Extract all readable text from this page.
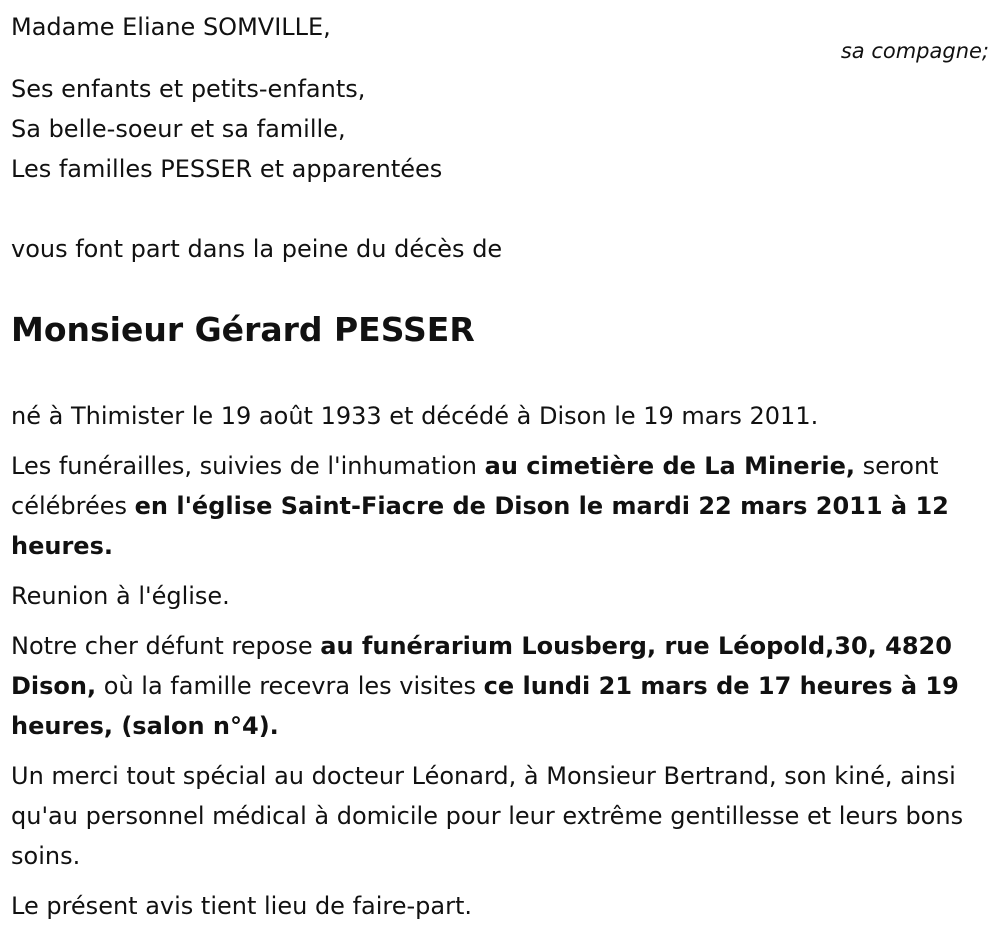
Madame Eliane SOMVILLE,

sa compagne;

Ses enfants et petits-enfants,

Sa belle-soeur et sa famille,

Les familles PESSER et apparentées

vous font part dans la peine du décès de

Monsieur Gérard PESSER

né à Thimister le 19 août 1933 et décédé à Dison le 19 mars 2011.

Les funérailles, suivies de l'inhumation au cimetière de La Minerie, seront célébrées en l'église Saint-Fiacre de Dison le mardi 22 mars 2011 à 12 heures.

Reunion à l'église.

Notre cher défunt repose au funérarium Lousberg, rue Léopold,30, 4820 Dison, où la famille recevra les visites ce lundi 21 mars de 17 heures à 19 heures, (salon n°4).

Un merci tout spécial au docteur Léonard, à Monsieur Bertrand, son kiné, ainsi qu'au personnel médical à domicile pour leur extrême gentillesse et leurs bons soins.

Le présent avis tient lieu de faire-part.
